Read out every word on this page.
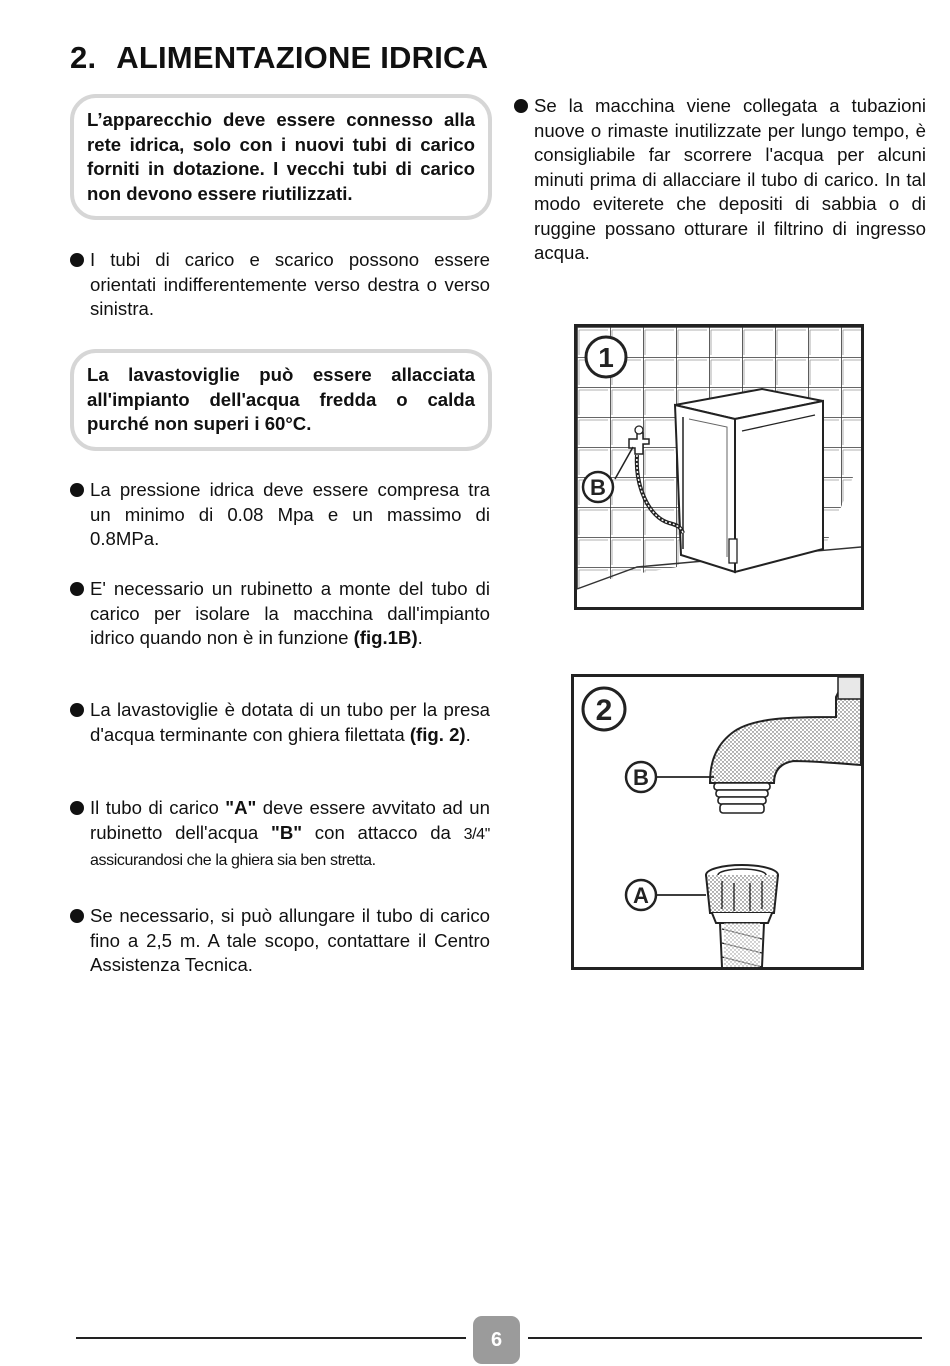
2. ALIMENTAZIONE IDRICA
L’apparecchio deve essere connesso alla rete idrica, solo con i nuovi tubi di carico forniti in dotazione. I vecchi tubi di carico non devono essere riutilizzati.

I tubi di carico e scarico possono essere orientati indifferentemente verso destra o verso sinistra.

La lavastoviglie può essere allacciata all'impianto dell'acqua fredda o calda purché non superi i 60°C.

La pressione idrica deve essere compresa tra un minimo di 0.08 Mpa e un massimo di 0.8MPa.

E' necessario un rubinetto a monte del tubo di carico per isolare la macchina dall'impianto idrico quando non è in funzione (fig.1B).

La lavastoviglie è dotata di un tubo per la presa d'acqua terminante con ghiera filettata (fig. 2).

Il tubo di carico "A" deve essere avvitato ad un rubinetto dell'acqua "B" con attacco da 3/4'' assicurandosi che la ghiera sia ben stretta.

Se necessario, si può allungare il tubo di carico fino a 2,5 m. A tale scopo, contattare il Centro Assistenza Tecnica.

Se la macchina viene collegata a tubazioni nuove o rimaste inutilizzate per lungo tempo, è consigliabile far scorrere l'acqua per alcuni minuti prima di allacciare il tubo di carico. In tal modo eviterete che depositi di sabbia o di ruggine possano otturare il filtrino di ingresso acqua.

B
1
B
A
2
6
